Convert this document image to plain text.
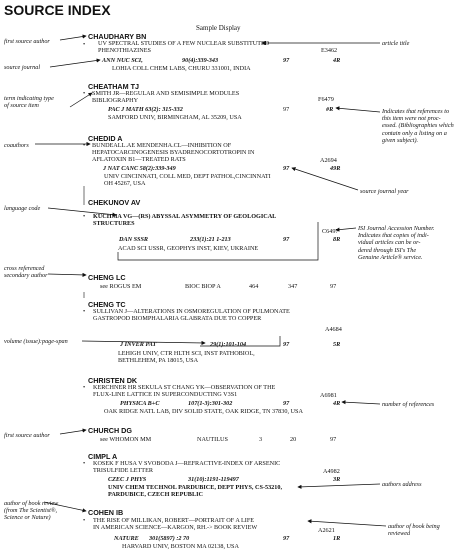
SOURCE INDEX
Sample Display
first source author
source journal
term indicating type
of source item
coauthors
language code
cross referenced
secondary author
volume (issue):page-span
first source author
author of book review
(from The Scientist®,
Science or Nature)
article title
Indicates that references to
this item were not proc-
essed. (Bibliographies which
contain only a listing on a
given subject).
source journal year
ISI Journal Accession Number.
Indicates that copies of indi-
vidual articles can be or-
dered through ISI's The
Genuine Article® service.
number of references
authors address
author of book being
reviewed
CHAUDHARY BN
UV SPECTRAL STUDIES OF A FEW NUCLEAR SUBSTITUTED
PHENOTHIAZINES
•
ANN NUC SCI,	90(4):339-343	97
E3462
4R
LOHIA COLL CHEM LABS, CHURU 331001, INDIA
CHEATHAM TJ
• SMITH JR—REGULAR AND SEMISIMPLE MODULES
BIBLIOGRAPHY
PAC J MATH 63(2): 315-332	97
F6479
#R
SAMFORD UNIV, BIRMINGHAM, AL 35209, USA
CHEDID A
• BUNDEALL.AE MENDENHA.CL—INHIBITION OF
HEPATOCARCINOGENESIS BYADRENOCORTOTROPIN IN
AFLATOXIN B1—TREATED RATS
J NAT CANC 58(2):339-349	97
A2694
49R
UNIV CINCINNATI, COLL MED, DEPT PATHOL,CINCINNATI
OH 45267, USA
CHEKUNOV AV
• KUCHMA VG—(RS) ABYSSAL ASYMMETRY OF GEOLOGICAL
STRUCTURES
DAN SSSR	233(1):21 1-213	97
C6497
8R
ACAD SCI USSR, GEOPHYS INST, KIEV, UKRAINE
CHENG LC
see ROGUS EM	BIOC BIOP A	464	347	97
CHENG TC
• SULLIVAN J—ALTERATIONS IN OSMOREGULATION OF PULMONATE
GASTROPOD BIOMPHALARIA GLABRATA DUE TO COPPER
A4684
J INVER PAT	29(1):101-104	97	5R
LEHIGH UNIV, CTR HLTH SCI, INST PATHOBIOL,
BETHLEHEM, PA 18015, USA
CHRISTEN DK
• KERCHNER HR SEKULA ST CHANG YK—OBSERVATION OF THE
FLUX-LINE LATTICE IN SUPERCONDUCTING V3S1
PHYSICA B+C	107(1-3):301-302	97
A6981
4R
OAK RIDGE NATL LAB, DIV SOLID STATE, OAK RIDGE, TN 37830, USA
CHURCH DG
see WHOMON MM	NAUTILUS	3	20	97
CIMPL A
• KOSEK F HUSA V SVOBODA J—REFRACTIVE-INDEX OF ARSENIC
TRISULFIDE LETTER
CZEC J PHYS	31(10):1191-119497
A4982
3R
UNIV CHEM TECHNOL PARDUBICE, DEPT PHYS, CS-53210,
PARDUBICE, CZECH REPUBLIC
COHEN IB
• THE RISE OF MILLIKAN, ROBERT—PORTRAIT OF A LIFE
IN AMERICAN SCIENCE—KARGON, RH.-> BOOK REVIEW	A2621
NATURE 301(5897) :2 70	97	1R
HARVARD UNIV, BOSTON MA 02138, USA
